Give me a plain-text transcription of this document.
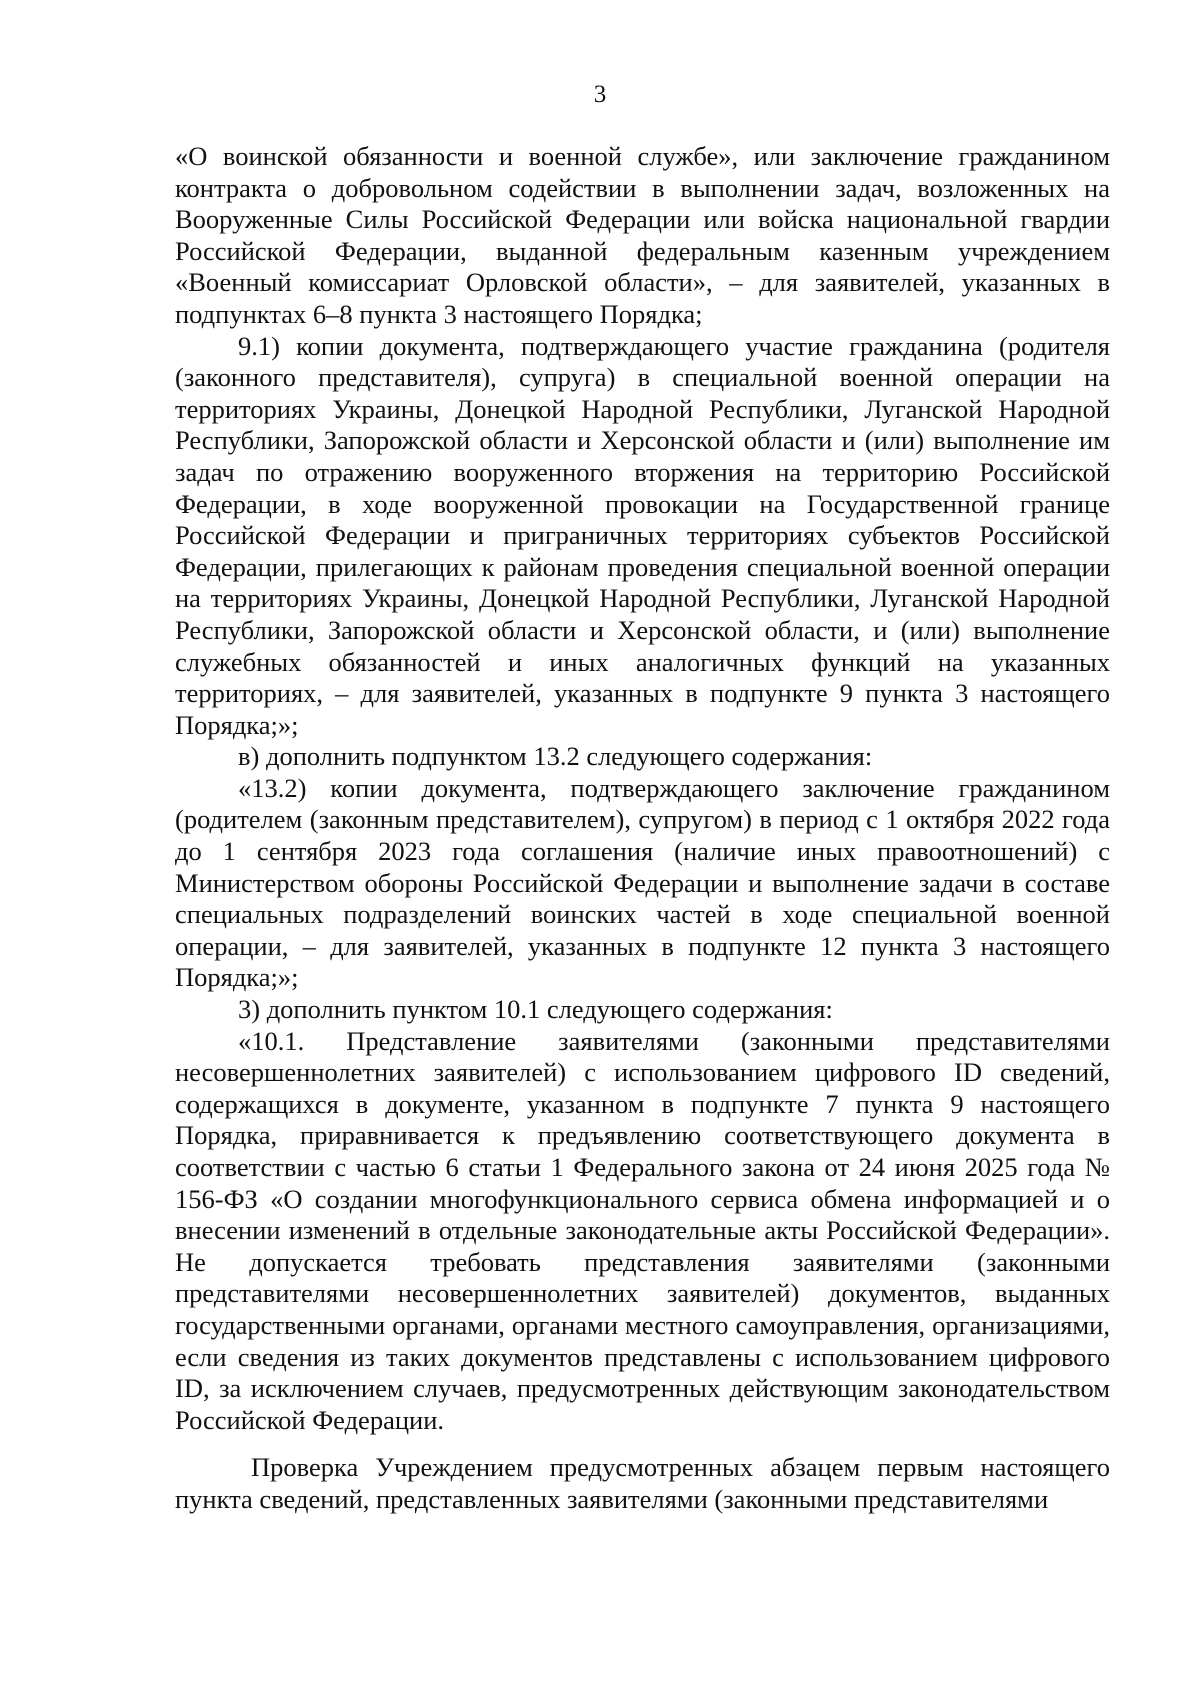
3

«О воинской обязанности и военной службе», или заключение гражданином контракта о добровольном содействии в выполнении задач, возложенных на Вооруженные Силы Российской Федерации или войска национальной гвардии Российской Федерации, выданной федеральным казенным учреждением «Военный комиссариат Орловской области», – для заявителей, указанных в подпунктах 6–8 пункта 3 настоящего Порядка;

9.1) копии документа, подтверждающего участие гражданина (родителя (законного представителя), супруга) в специальной военной операции на территориях Украины, Донецкой Народной Республики, Луганской Народной Республики, Запорожской области и Херсонской области и (или) выполнение им задач по отражению вооруженного вторжения на территорию Российской Федерации, в ходе вооруженной провокации на Государственной границе Российской Федерации и приграничных территориях субъектов Российской Федерации, прилегающих к районам проведения специальной военной операции на территориях Украины, Донецкой Народной Республики, Луганской Народной Республики, Запорожской области и Херсонской области, и (или) выполнение служебных обязанностей и иных аналогичных функций на указанных территориях, – для заявителей, указанных в подпункте 9 пункта 3 настоящего Порядка;»;

в) дополнить подпунктом 13.2 следующего содержания:

«13.2) копии документа, подтверждающего заключение гражданином (родителем (законным представителем), супругом) в период с 1 октября 2022 года до 1 сентября 2023 года соглашения (наличие иных правоотношений) с Министерством обороны Российской Федерации и выполнение задачи в составе специальных подразделений воинских частей в ходе специальной военной операции, – для заявителей, указанных в подпункте 12 пункта 3 настоящего Порядка;»;

3) дополнить пунктом 10.1 следующего содержания:

«10.1. Представление заявителями (законными представителями несовершеннолетних заявителей) с использованием цифрового ID сведений, содержащихся в документе, указанном в подпункте 7 пункта 9 настоящего Порядка, приравнивается к предъявлению соответствующего документа в соответствии с частью 6 статьи 1 Федерального закона от 24 июня 2025 года № 156-ФЗ «О создании многофункционального сервиса обмена информацией и о внесении изменений в отдельные законодательные акты Российской Федерации». Не допускается требовать представления заявителями (законными представителями несовершеннолетних заявителей) документов, выданных государственными органами, органами местного самоуправления, организациями, если сведения из таких документов представлены с использованием цифрового ID, за исключением случаев, предусмотренных действующим законодательством Российской Федерации.

Проверка Учреждением предусмотренных абзацем первым настоящего пункта сведений, представленных заявителями (законными представителями
